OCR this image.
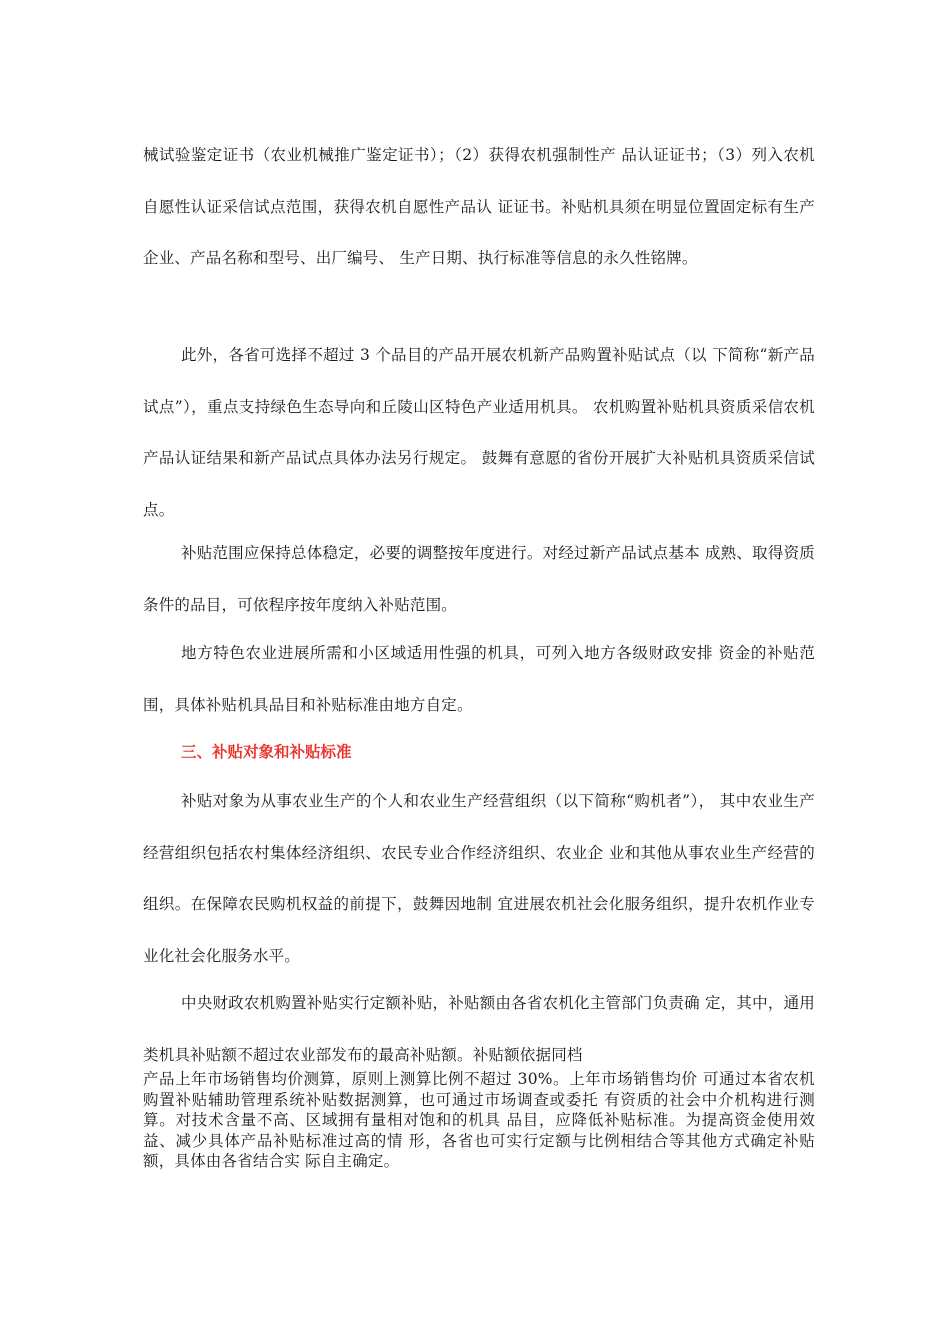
械试验鉴定证书（农业机械推广鉴定证书）；（2）获得农机强制性产 品认证证书；（3）列入农机自愿性认证采信试点范围，获得农机自愿性产品认 证证书。补贴机具须在明显位置固定标有生产企业、产品名称和型号、出厂编号、 生产日期、执行标准等信息的永久性铭牌。

此外，各省可选择不超过 3 个品目的产品开展农机新产品购置补贴试点（以 下简称“新产品试点”），重点支持绿色生态导向和丘陵山区特色产业适用机具。 农机购置补贴机具资质采信农机产品认证结果和新产品试点具体办法另行规定。 鼓舞有意愿的省份开展扩大补贴机具资质采信试点。

补贴范围应保持总体稳定，必要的调整按年度进行。对经过新产品试点基本 成熟、取得资质条件的品目，可依程序按年度纳入补贴范围。

地方特色农业进展所需和小区域适用性强的机具，可列入地方各级财政安排 资金的补贴范围，具体补贴机具品目和补贴标准由地方自定。

三、补贴对象和补贴标准

补贴对象为从事农业生产的个人和农业生产经营组织（以下简称“购机者”）， 其中农业生产经营组织包括农村集体经济组织、农民专业合作经济组织、农业企 业和其他从事农业生产经营的组织。在保障农民购机权益的前提下，鼓舞因地制 宜进展农机社会化服务组织，提升农机作业专业化社会化服务水平。

中央财政农机购置补贴实行定额补贴，补贴额由各省农机化主管部门负责确 定，其中，通用类机具补贴额不超过农业部发布的最高补贴额。补贴额依据同档

产品上年市场销售均价测算，原则上测算比例不超过 30%。上年市场销售均价 可通过本省农机购置补贴辅助管理系统补贴数据测算，也可通过市场调查或委托 有资质的社会中介机构进行测算。对技术含量不高、区域拥有量相对饱和的机具 品目，应降低补贴标准。为提高资金使用效益、减少具体产品补贴标准过高的情 形，各省也可实行定额与比例相结合等其他方式确定补贴额，具体由各省结合实 际自主确定。
